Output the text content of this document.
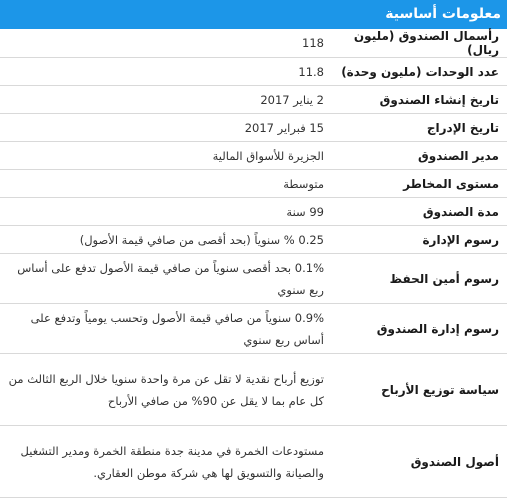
معلومات أساسية
رأسمال الصندوق (مليون ريال)	118
عدد الوحدات (مليون وحدة)	11.8
تاريخ إنشاء الصندوق	2 يناير 2017
تاريخ الإدراج	15 فبراير 2017
مدير الصندوق	الجزيرة للأسواق المالية
مستوى المخاطر	متوسطة
مدة الصندوق	99 سنة
رسوم الإدارة	0.25 % سنوياً (بحد أقصى من صافي قيمة الأصول)
رسوم أمين الحفظ	0.1% بحد أقصى سنوياً من صافي قيمة الأصول تدفع على أساس ربع سنوي
رسوم إدارة الصندوق	0.9% سنوياً من صافي قيمة الأصول وتحسب يومياً وتدفع على أساس ربع سنوي
سياسة توزيع الأرباح	توزيع أرباح نقدية لا تقل عن مرة واحدة سنويا خلال الربع الثالث من كل عام بما لا يقل عن 90% من صافي الأرباح
أصول الصندوق	مستودعات الخمرة في مدينة جدة منطقة الخمرة ومدير التشغيل والصيانة والتسويق لها هي شركة موطن العقاري.
